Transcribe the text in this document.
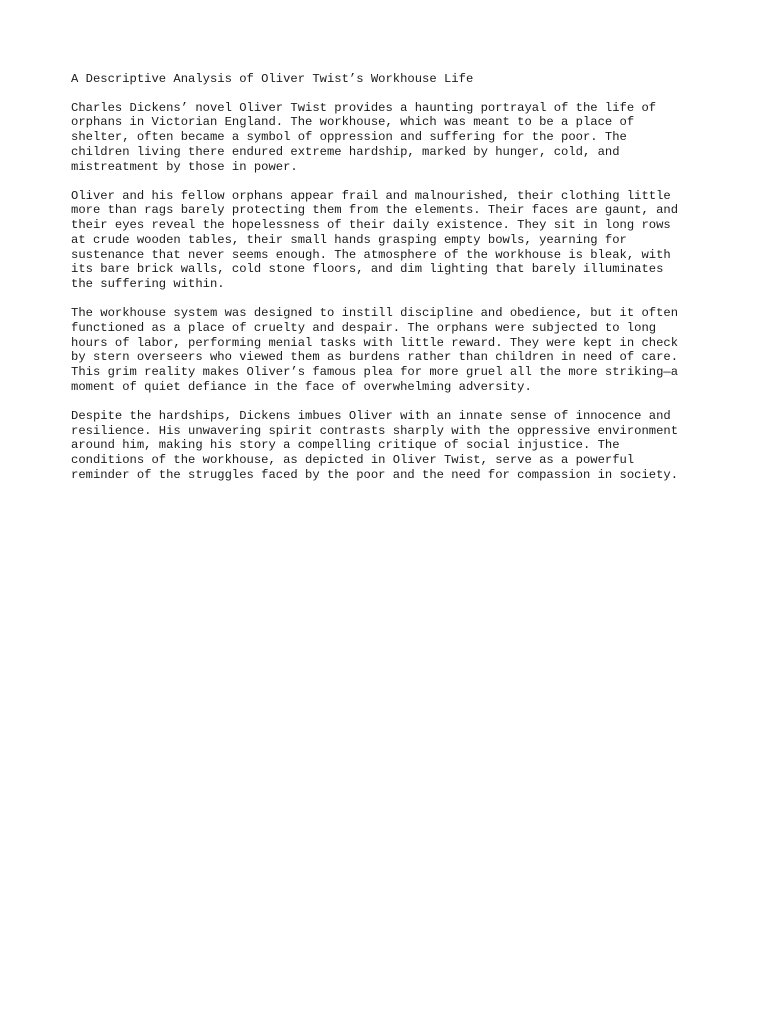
A Descriptive Analysis of Oliver Twist’s Workhouse Life
Charles Dickens’ novel Oliver Twist provides a haunting portrayal of the life of
orphans in Victorian England. The workhouse, which was meant to be a place of
shelter, often became a symbol of oppression and suffering for the poor. The
children living there endured extreme hardship, marked by hunger, cold, and
mistreatment by those in power.
Oliver and his fellow orphans appear frail and malnourished, their clothing little
more than rags barely protecting them from the elements. Their faces are gaunt, and
their eyes reveal the hopelessness of their daily existence. They sit in long rows
at crude wooden tables, their small hands grasping empty bowls, yearning for
sustenance that never seems enough. The atmosphere of the workhouse is bleak, with
its bare brick walls, cold stone floors, and dim lighting that barely illuminates
the suffering within.
The workhouse system was designed to instill discipline and obedience, but it often
functioned as a place of cruelty and despair. The orphans were subjected to long
hours of labor, performing menial tasks with little reward. They were kept in check
by stern overseers who viewed them as burdens rather than children in need of care.
This grim reality makes Oliver’s famous plea for more gruel all the more striking—a
moment of quiet defiance in the face of overwhelming adversity.
Despite the hardships, Dickens imbues Oliver with an innate sense of innocence and
resilience. His unwavering spirit contrasts sharply with the oppressive environment
around him, making his story a compelling critique of social injustice. The
conditions of the workhouse, as depicted in Oliver Twist, serve as a powerful
reminder of the struggles faced by the poor and the need for compassion in society.
